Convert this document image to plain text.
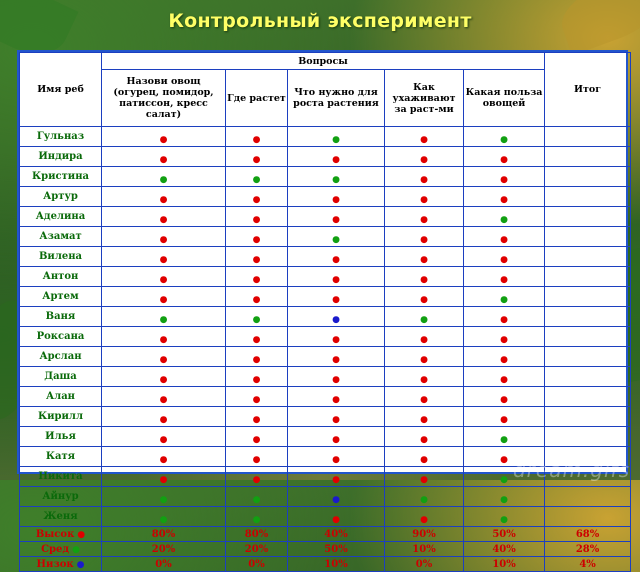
Контрольный эксперимент
Имя реб	Вопросы					Итог
	Назови овощ (огурец, помидор, патиссон, кресс салат)	Где растет	Что нужно для роста растения	Как ухаживают за раст-ми	Какая польза овощей	
Гульназ	●	●	●	●	●	
Индира	●	●	●	●	●	
Кристина	●	●	●	●	●	
Артур	●	●	●	●	●	
Аделина	●	●	●	●	●	
Азамат	●	●	●	●	●	
Вилена	●	●	●	●	●	
Антон	●	●	●	●	●	
Артем	●	●	●	●	●	
Ваня	●	●	●	●	●	
Роксана	●	●	●	●	●	
Арслан	●	●	●	●	●	
Даша	●	●	●	●	●	
Алан	●	●	●	●	●	
Кирилл	●	●	●	●	●	
Илья	●	●	●	●	●	
Катя	●	●	●	●	●	
Никита	●	●	●	●	●	
Айнур	●	●	●	●	●	
Женя	●	●	●	●	●	
Высок ●	80%	80%	40%	90%	50%	68%
Сред ●	20%	20%	50%	10%	40%	28%
Низок ●	0%	0%	10%	0%	10%	4%
dream.gifs
